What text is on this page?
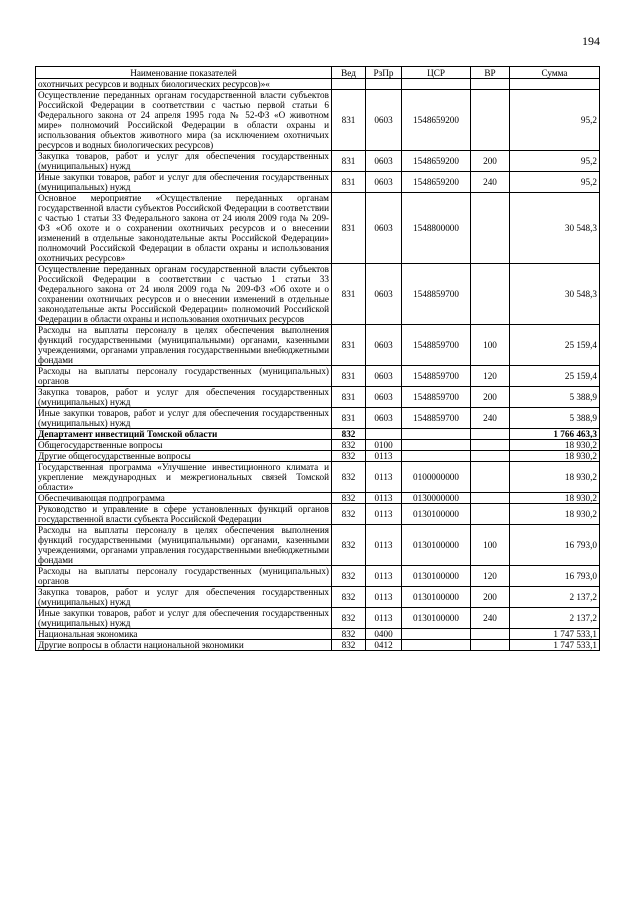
194
Наименование показателей	Вед	РзПр	ЦСР	ВР	Сумма
охотничьих ресурсов и водных биологических ресурсов)»«					
Осуществление переданных органам государственной власти субъектов Российской Федерации в соответствии с частью первой статьи 6 Федерального закона от 24 апреля 1995 года № 52-ФЗ «О животном мире» полномочий Российской Федерации в области охраны и использования объектов животного мира (за исключением охотничьих ресурсов и водных биологических ресурсов)	831	0603	1548659200		95,2
Закупка товаров, работ и услуг для обеспечения государственных (муниципальных) нужд	831	0603	1548659200	200	95,2
Иные закупки товаров, работ и услуг для обеспечения государственных (муниципальных) нужд	831	0603	1548659200	240	95,2
Основное мероприятие «Осуществление переданных органам государственной власти субъектов Российской Федерации в соответствии с частью 1 статьи 33 Федерального закона от 24 июля 2009 года № 209-ФЗ «Об охоте и о сохранении охотничьих ресурсов и о внесении изменений в отдельные законодательные акты Российской Федерации» полномочий Российской Федерации в области охраны и использования охотничьих ресурсов»	831	0603	1548800000		30 548,3
Осуществление переданных органам государственной власти субъектов Российской Федерации в соответствии с частью 1 статьи 33 Федерального закона от 24 июля 2009 года № 209-ФЗ «Об охоте и о сохранении охотничьих ресурсов и о внесении изменений в отдельные законодательные акты Российской Федерации» полномочий Российской Федерации в области охраны и использования охотничьих ресурсов	831	0603	1548859700		30 548,3
Расходы на выплаты персоналу в целях обеспечения выполнения функций государственными (муниципальными) органами, казенными учреждениями, органами управления государственными внебюджетными фондами	831	0603	1548859700	100	25 159,4
Расходы на выплаты персоналу государственных (муниципальных) органов	831	0603	1548859700	120	25 159,4
Закупка товаров, работ и услуг для обеспечения государственных (муниципальных) нужд	831	0603	1548859700	200	5 388,9
Иные закупки товаров, работ и услуг для обеспечения государственных (муниципальных) нужд	831	0603	1548859700	240	5 388,9
Департамент инвестиций Томской области	832				1 766 463,3
Общегосударственные вопросы	832	0100			18 930,2
Другие общегосударственные вопросы	832	0113			18 930,2
Государственная программа «Улучшение инвестиционного климата и укрепление международных и межрегиональных связей Томской области»	832	0113	0100000000		18 930,2
Обеспечивающая подпрограмма	832	0113	0130000000		18 930,2
Руководство и управление в сфере установленных функций органов государственной власти субъекта Российской Федерации	832	0113	0130100000		18 930,2
Расходы на выплаты персоналу в целях обеспечения выполнения функций государственными (муниципальными) органами, казенными учреждениями, органами управления государственными внебюджетными фондами	832	0113	0130100000	100	16 793,0
Расходы на выплаты персоналу государственных (муниципальных) органов	832	0113	0130100000	120	16 793,0
Закупка товаров, работ и услуг для обеспечения государственных (муниципальных) нужд	832	0113	0130100000	200	2 137,2
Иные закупки товаров, работ и услуг для обеспечения государственных (муниципальных) нужд	832	0113	0130100000	240	2 137,2
Национальная экономика	832	0400			1 747 533,1
Другие вопросы в области национальной экономики	832	0412			1 747 533,1
